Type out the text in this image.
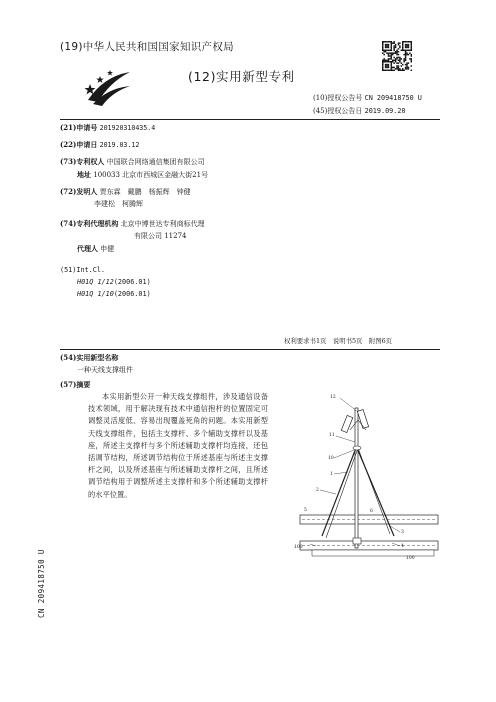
(19)中华人民共和国国家知识产权局
(12)实用新型专利
(10)授权公告号 CN 209418750 U
(45)授权公告日 2019.09.20
(21)申请号 201920310435.4
(22)申请日 2019.03.12
(73)专利权人 中国联合网络通信集团有限公司
地址 100033 北京市西城区金融大街21号
(72)发明人 贾东霖　戴鹏　杨振辉　钟健
李建松　柯腾辉
(74)专利代理机构 北京中博世达专利商标代理
有限公司 11274
代理人 申健
(51)Int.Cl.
H01Q 1/12(2006.01)
H01Q 1/10(2006.01)
权利要求书1页　说明书5页　附图6页
(54)实用新型名称
一种天线支撑组件
(57)摘要
本实用新型公开一种天线支撑组件，涉及通信设备技术领域，用于解决现有技术中通信抱杆的位置固定可调整灵活度低、容易出现覆盖死角的问题。本实用新型天线支撑组件，包括主支撑杆、多个辅助支撑杆以及基座，所述主支撑杆与多个所述辅助支撑杆均连接，还包括调节结构，所述调节结构位于所述基座与所述主支撑杆之间，以及所述基座与所述辅助支撑杆之间，且所述调节结构用于调整所述主支撑杆和多个所述辅助支撑杆的水平位置。
CN 209418750 U
12
11
10
1
2
3
4
5	6
100
100
